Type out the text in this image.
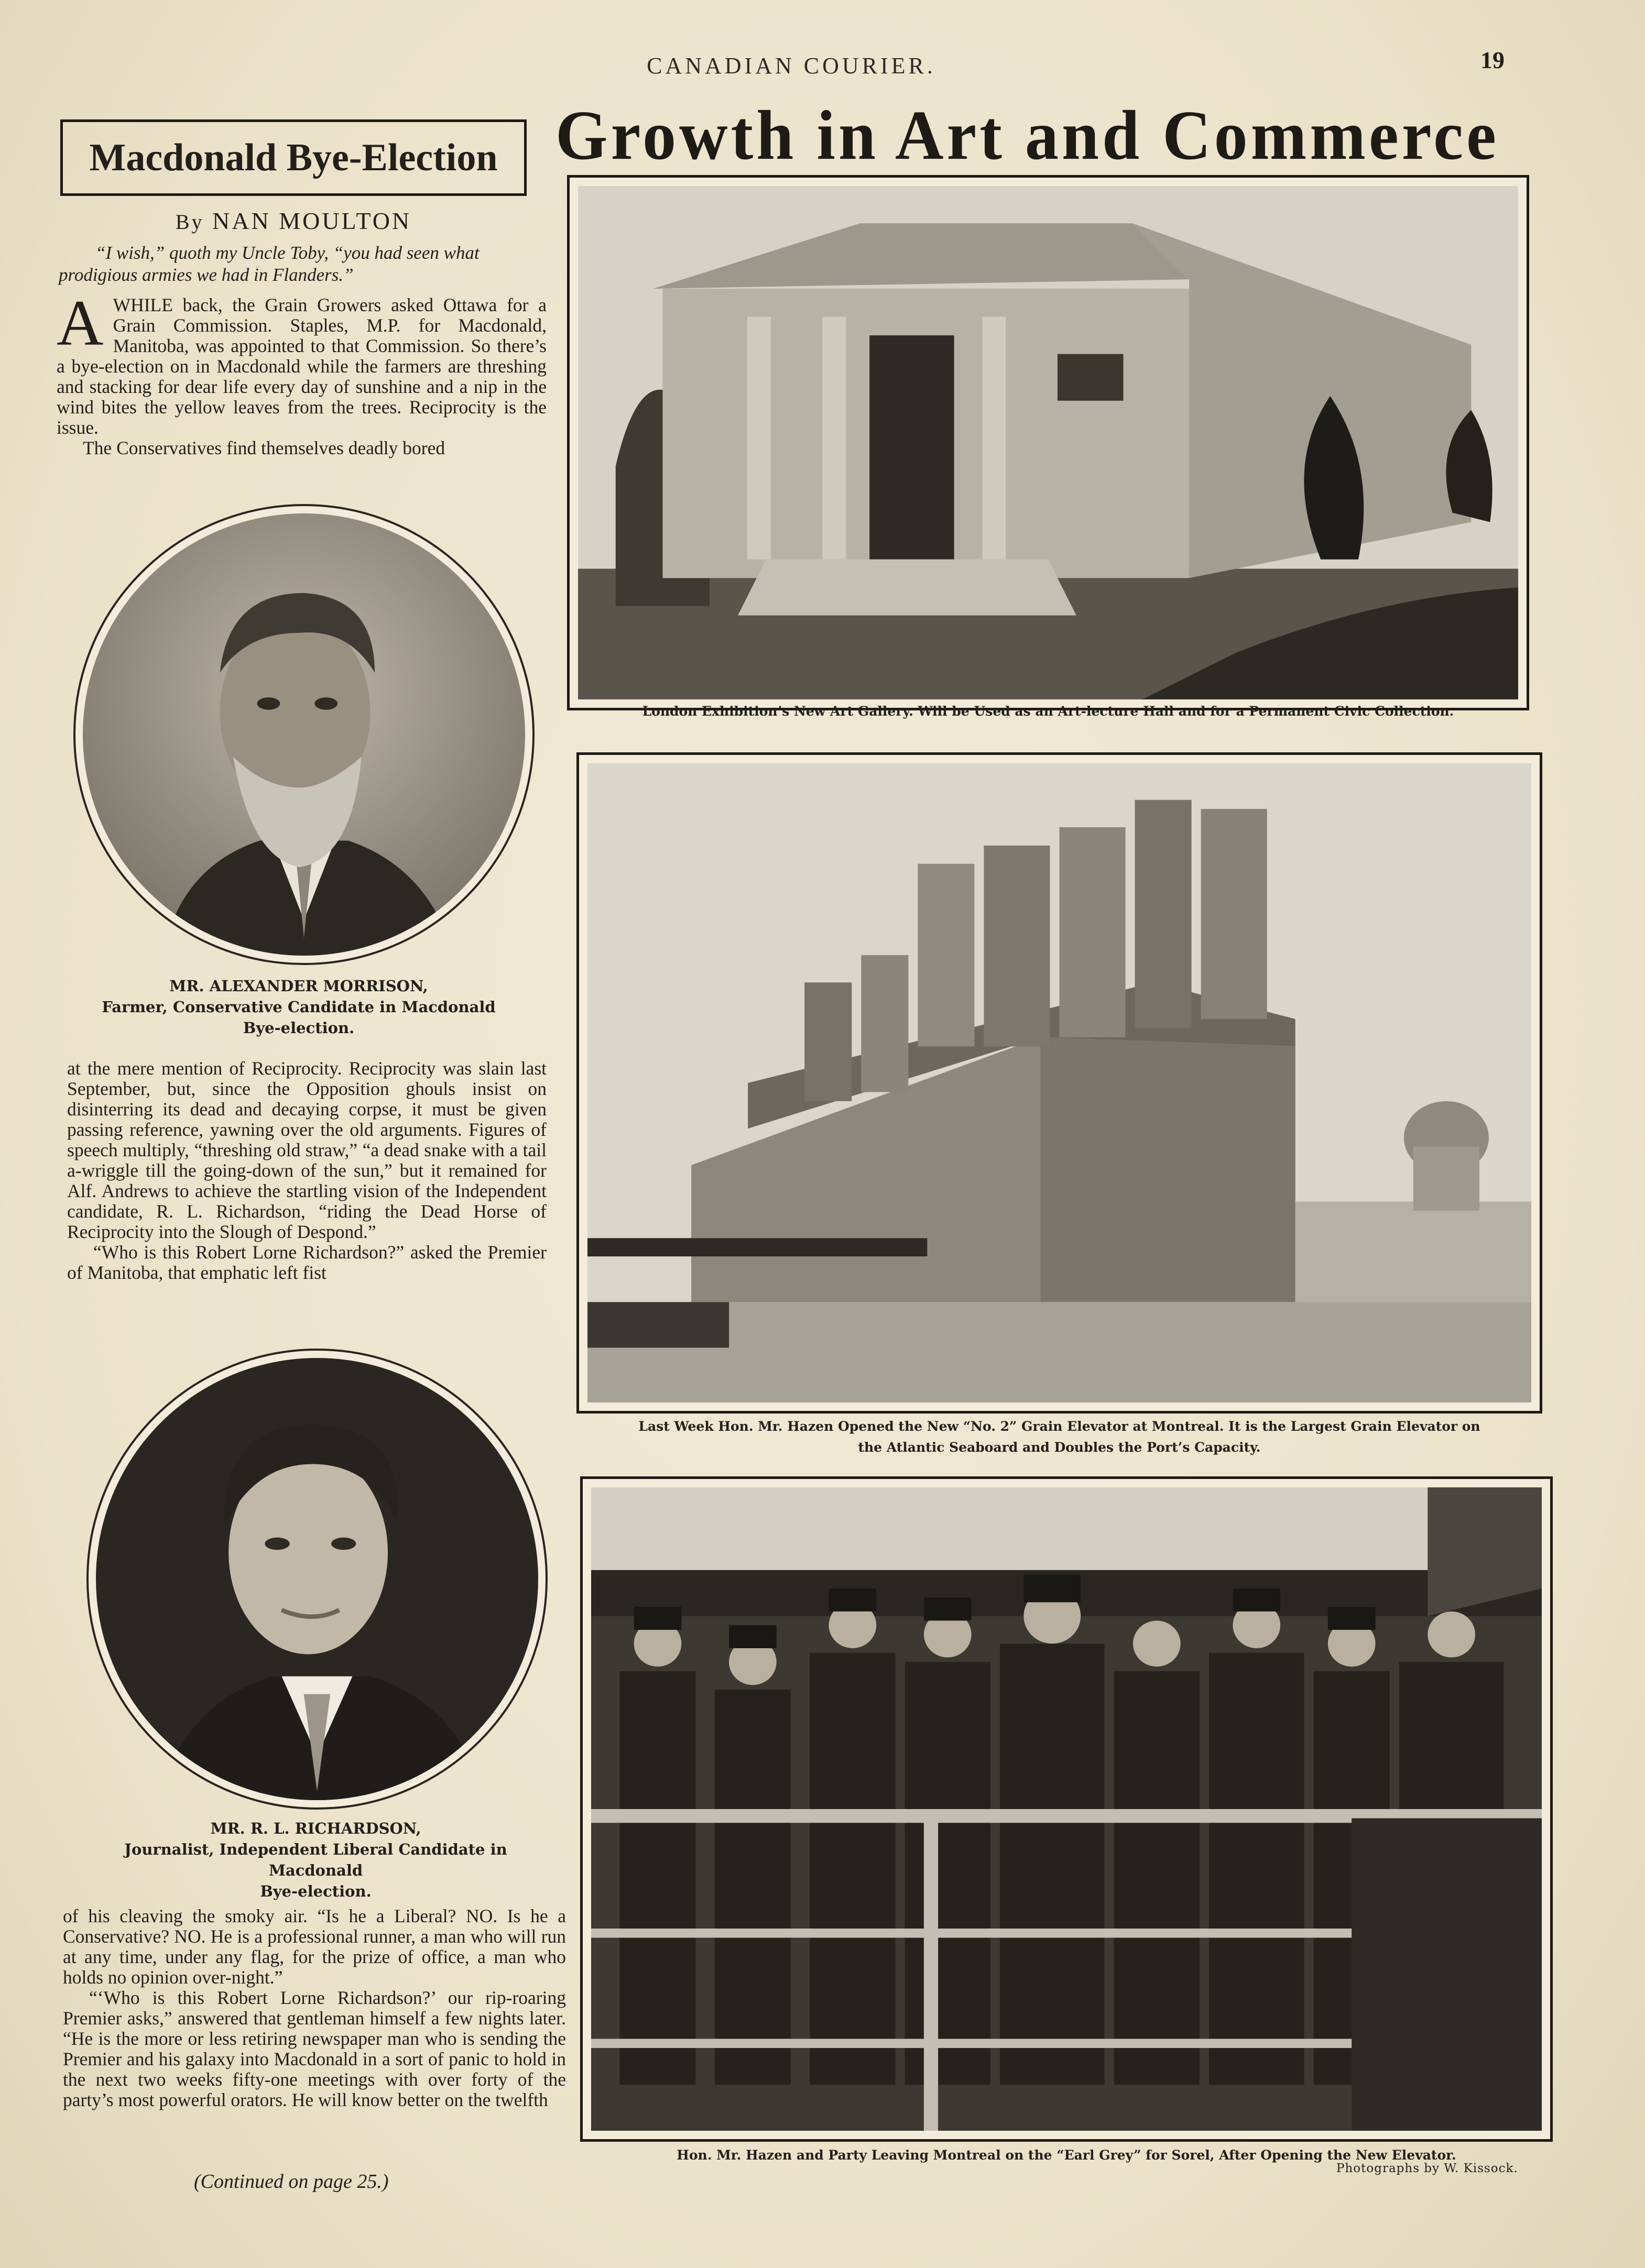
CANADIAN COURIER.	19
Growth in Art and Commerce
Macdonald Bye-Election
By NAN MOULTON

“I wish,” quoth my Uncle Toby, “you had seen what prodigious armies we had in Flanders.”

AWHILE back, the Grain Growers asked Ottawa for a Grain Commission. Staples, M.P. for Macdonald, Manitoba, was appointed to that Commission. So there’s a bye-election on in Macdonald while the farmers are threshing and stacking for dear life every day of sunshine and a nip in the wind bites the yellow leaves from the trees. Reciprocity is the issue.

The Conservatives find themselves deadly bored

MR. ALEXANDER MORRISON,
Farmer, Conservative Candidate in Macdonald
Bye-election.

at the mere mention of Reciprocity. Reciprocity was slain last September, but, since the Opposition ghouls insist on disinterring its dead and decaying corpse, it must be given passing reference, yawning over the old arguments. Figures of speech multiply, “threshing old straw,” “a dead snake with a tail a-wriggle till the going-down of the sun,” but it remained for Alf. Andrews to achieve the startling vision of the Independent candidate, R. L. Richardson, “riding the Dead Horse of Reciprocity into the Slough of Despond.”

“Who is this Robert Lorne Richardson?” asked the Premier of Manitoba, that emphatic left fist

MR. R. L. RICHARDSON,
Journalist, Independent Liberal Candidate in Macdonald
Bye-election.

of his cleaving the smoky air. “Is he a Liberal? NO. Is he a Conservative? NO. He is a professional runner, a man who will run at any time, under any flag, for the prize of office, a man who holds no opinion over-night.”

“‘Who is this Robert Lorne Richardson?’ our rip-roaring Premier asks,” answered that gentleman himself a few nights later. “He is the more or less retiring newspaper man who is sending the Premier and his galaxy into Macdonald in a sort of panic to hold in the next two weeks fifty-one meetings with over forty of the party’s most powerful orators. He will know better on the twelfth

(Continued on page 25.)
London Exhibition’s New Art Gallery. Will be Used as an Art-lecture Hall and for a Permanent Civic Collection.
Last Week Hon. Mr. Hazen Opened the New “No. 2” Grain Elevator at Montreal. It is the Largest Grain Elevator on
the Atlantic Seaboard and Doubles the Port’s Capacity.
Hon. Mr. Hazen and Party Leaving Montreal on the “Earl Grey” for Sorel, After Opening the New Elevator.
Photographs by W. Kissock.
